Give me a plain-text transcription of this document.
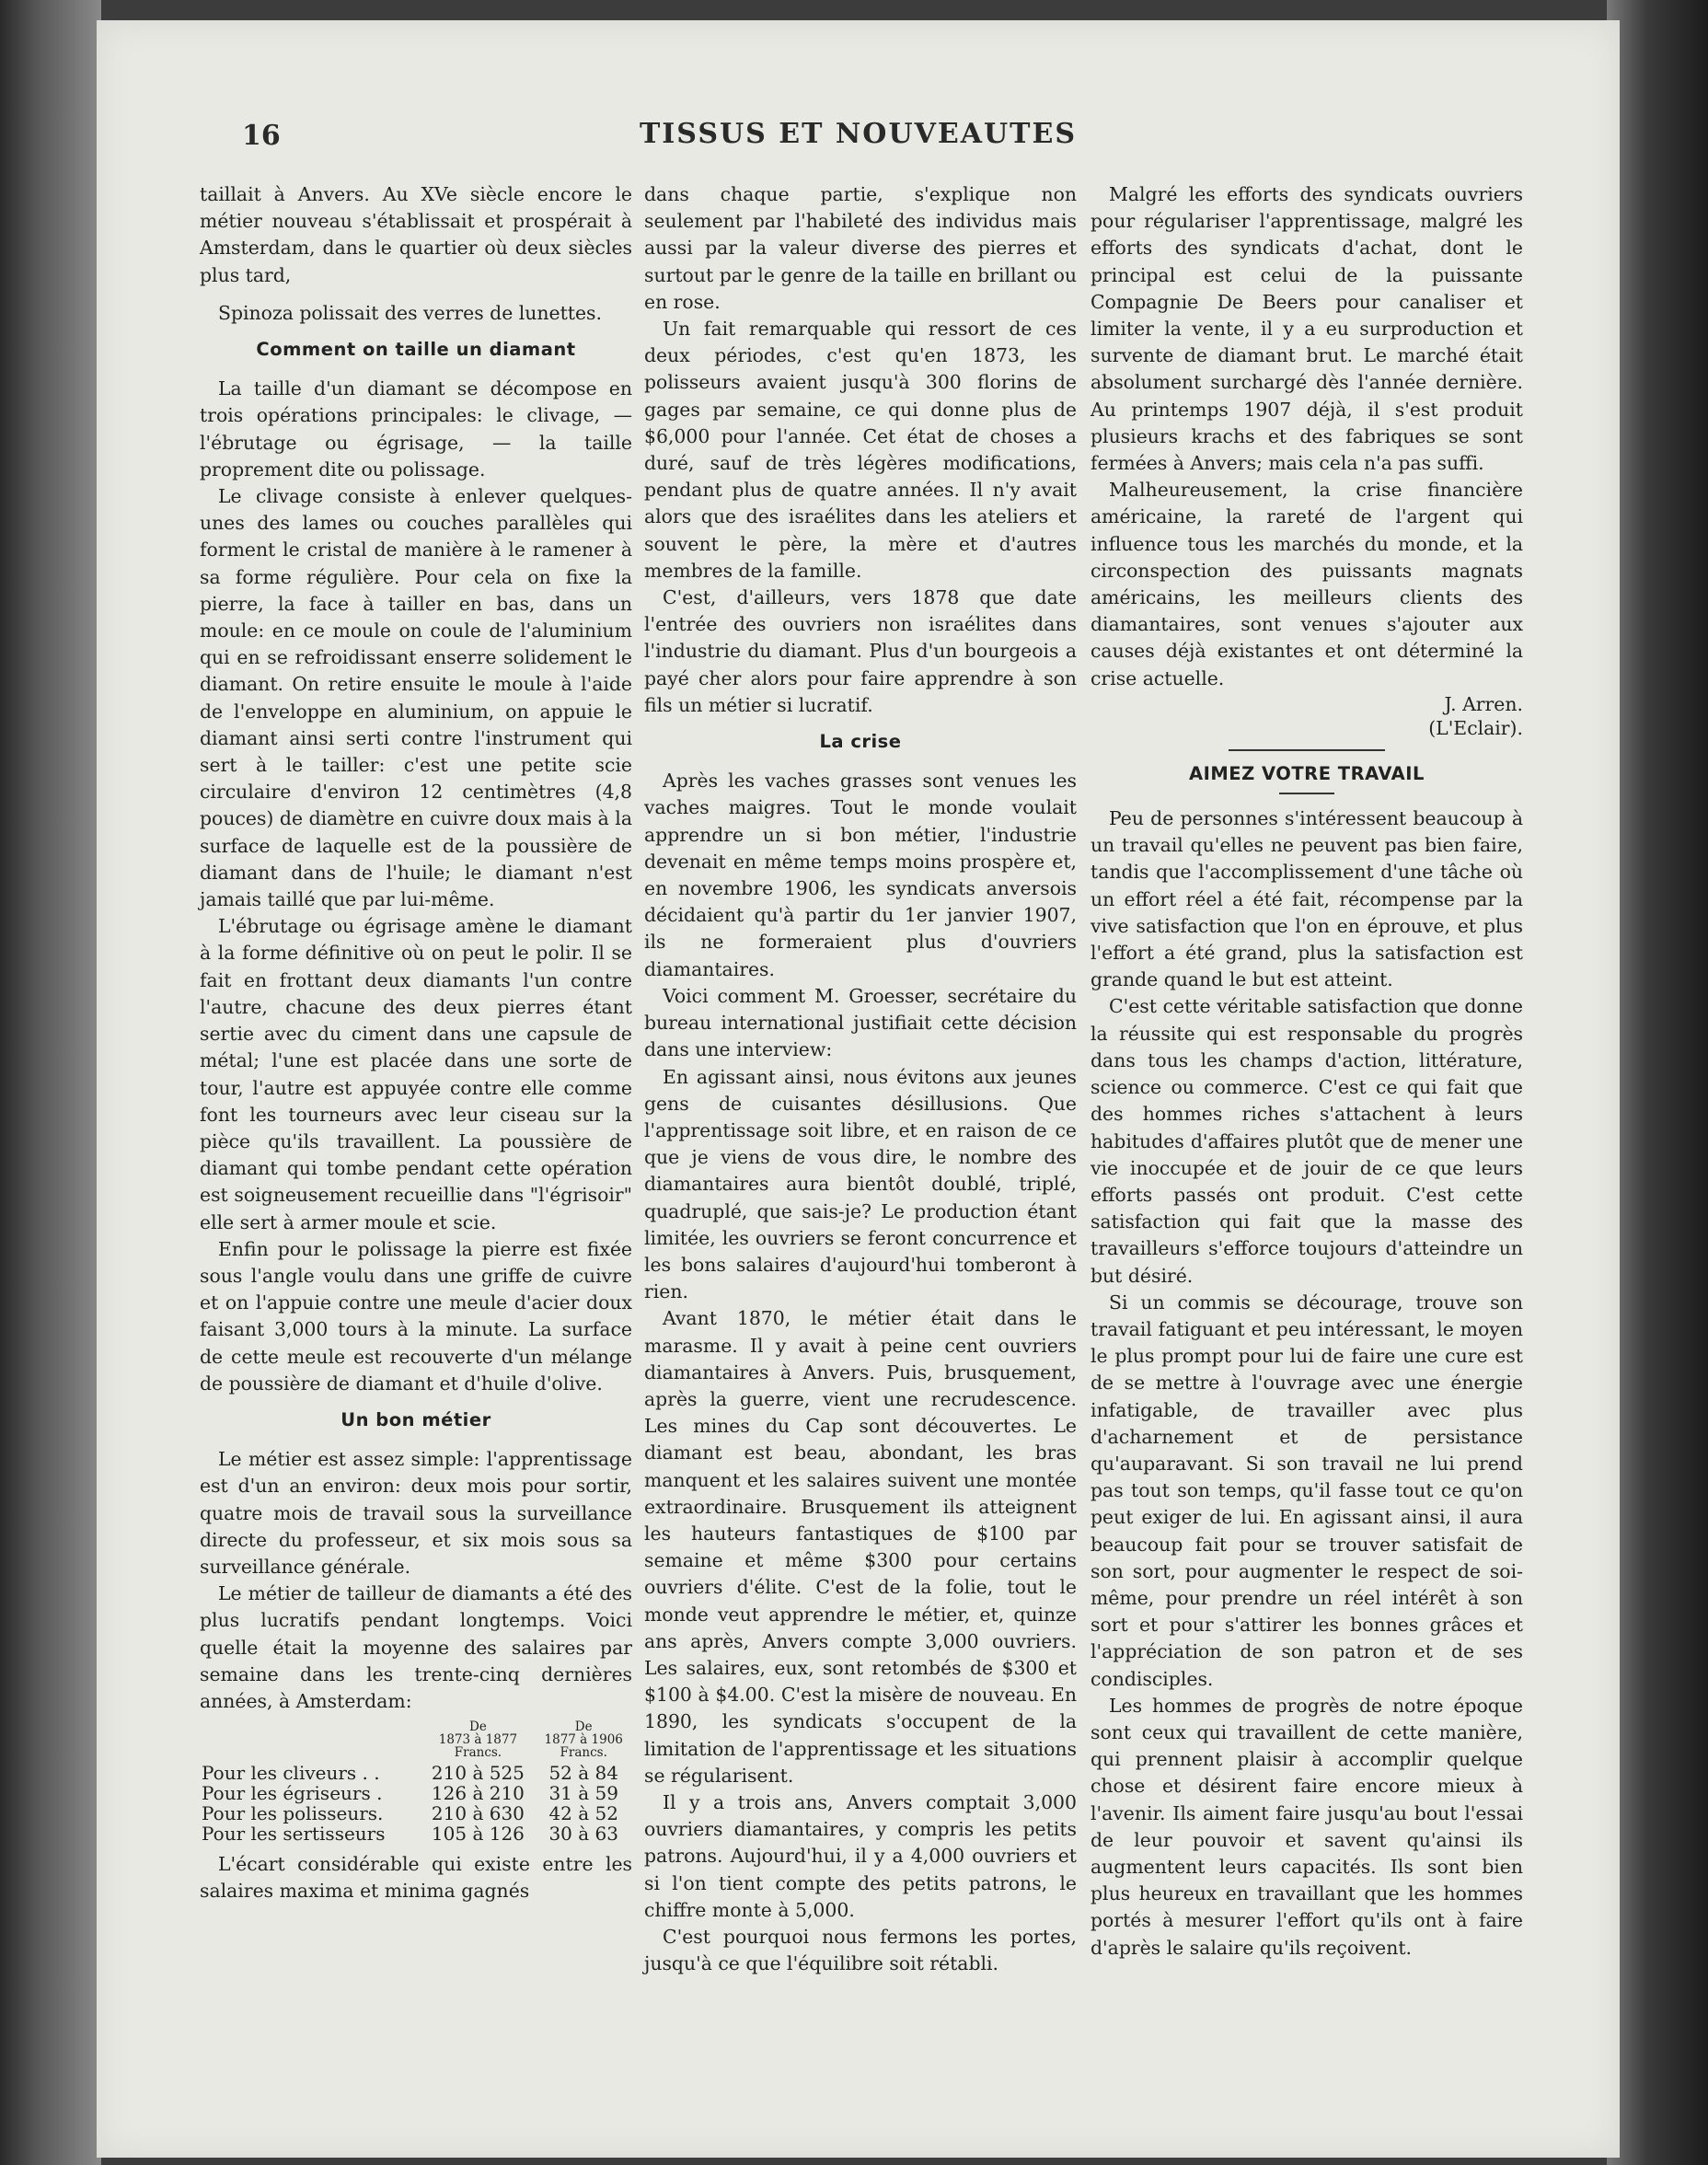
16	TISSUS ET NOUVEAUTES

taillait à Anvers. Au XVe siècle encore le métier nouveau s'établissait et prospérait à Amsterdam, dans le quartier où deux siècles plus tard,

Spinoza polissait des verres de lunettes.

Comment on taille un diamant

La taille d'un diamant se décompose en trois opérations principales: le clivage, — l'ébrutage ou égrisage, — la taille proprement dite ou polissage.

Le clivage consiste à enlever quelques-unes des lames ou couches parallèles qui forment le cristal de manière à le ramener à sa forme régulière. Pour cela on fixe la pierre, la face à tailler en bas, dans un moule: en ce moule on coule de l'aluminium qui en se refroidissant enserre solidement le diamant. On retire ensuite le moule à l'aide de l'enveloppe en aluminium, on appuie le diamant ainsi serti contre l'instrument qui sert à le tailler: c'est une petite scie circulaire d'environ 12 centimètres (4,8 pouces) de diamètre en cuivre doux mais à la surface de laquelle est de la poussière de diamant dans de l'huile; le diamant n'est jamais taillé que par lui-même.

L'ébrutage ou égrisage amène le diamant à la forme définitive où on peut le polir. Il se fait en frottant deux diamants l'un contre l'autre, chacune des deux pierres étant sertie avec du ciment dans une capsule de métal; l'une est placée dans une sorte de tour, l'autre est appuyée contre elle comme font les tourneurs avec leur ciseau sur la pièce qu'ils travaillent. La poussière de diamant qui tombe pendant cette opération est soigneusement recueillie dans "l'égrisoir" elle sert à armer moule et scie.

Enfin pour le polissage la pierre est fixée sous l'angle voulu dans une griffe de cuivre et on l'appuie contre une meule d'acier doux faisant 3,000 tours à la minute. La surface de cette meule est recouverte d'un mélange de poussière de diamant et d'huile d'olive.

Un bon métier

Le métier est assez simple: l'apprentissage est d'un an environ: deux mois pour sortir, quatre mois de travail sous la surveillance directe du professeur, et six mois sous sa surveillance générale.

Le métier de tailleur de diamants a été des plus lucratifs pendant longtemps. Voici quelle était la moyenne des salaires par semaine dans les trente-cinq dernières années, à Amsterdam:

	De
1873 à 1877
Francs.	De
1877 à 1906
Francs.
Pour les cliveurs . .	210 à 525	52 à 84
Pour les égriseurs .	126 à 210	31 à 59
Pour les polisseurs.	210 à 630	42 à 52
Pour les sertisseurs	105 à 126	30 à 63

L'écart considérable qui existe entre les salaires maxima et minima gagnés

dans chaque partie, s'explique non seulement par l'habileté des individus mais aussi par la valeur diverse des pierres et surtout par le genre de la taille en brillant ou en rose.

Un fait remarquable qui ressort de ces deux périodes, c'est qu'en 1873, les polisseurs avaient jusqu'à 300 florins de gages par semaine, ce qui donne plus de $6,000 pour l'année. Cet état de choses a duré, sauf de très légères modifications, pendant plus de quatre années. Il n'y avait alors que des israélites dans les ateliers et souvent le père, la mère et d'autres membres de la famille.

C'est, d'ailleurs, vers 1878 que date l'entrée des ouvriers non israélites dans l'industrie du diamant. Plus d'un bourgeois a payé cher alors pour faire apprendre à son fils un métier si lucratif.

La crise

Après les vaches grasses sont venues les vaches maigres. Tout le monde voulait apprendre un si bon métier, l'industrie devenait en même temps moins prospère et, en novembre 1906, les syndicats anversois décidaient qu'à partir du 1er janvier 1907, ils ne formeraient plus d'ouvriers diamantaires.

Voici comment M. Groesser, secrétaire du bureau international justifiait cette décision dans une interview:

En agissant ainsi, nous évitons aux jeunes gens de cuisantes désillusions. Que l'apprentissage soit libre, et en raison de ce que je viens de vous dire, le nombre des diamantaires aura bientôt doublé, triplé, quadruplé, que sais-je? Le production étant limitée, les ouvriers se feront concurrence et les bons salaires d'aujourd'hui tomberont à rien.

Avant 1870, le métier était dans le marasme. Il y avait à peine cent ouvriers diamantaires à Anvers. Puis, brusquement, après la guerre, vient une recrudescence. Les mines du Cap sont découvertes. Le diamant est beau, abondant, les bras manquent et les salaires suivent une montée extraordinaire. Brusquement ils atteignent les hauteurs fantastiques de $100 par semaine et même $300 pour certains ouvriers d'élite. C'est de la folie, tout le monde veut apprendre le métier, et, quinze ans après, Anvers compte 3,000 ouvriers. Les salaires, eux, sont retombés de $300 et $100 à $4.00. C'est la misère de nouveau. En 1890, les syndicats s'occupent de la limitation de l'apprentissage et les situations se régularisent.

Il y a trois ans, Anvers comptait 3,000 ouvriers diamantaires, y compris les petits patrons. Aujourd'hui, il y a 4,000 ouvriers et si l'on tient compte des petits patrons, le chiffre monte à 5,000.

C'est pourquoi nous fermons les portes, jusqu'à ce que l'équilibre soit rétabli.

Malgré les efforts des syndicats ouvriers pour régulariser l'apprentissage, malgré les efforts des syndicats d'achat, dont le principal est celui de la puissante Compagnie De Beers pour canaliser et limiter la vente, il y a eu surproduction et survente de diamant brut. Le marché était absolument surchargé dès l'année dernière. Au printemps 1907 déjà, il s'est produit plusieurs krachs et des fabriques se sont fermées à Anvers; mais cela n'a pas suffi.

Malheureusement, la crise financière américaine, la rareté de l'argent qui influence tous les marchés du monde, et la circonspection des puissants magnats américains, les meilleurs clients des diamantaires, sont venues s'ajouter aux causes déjà existantes et ont déterminé la crise actuelle.

J. Arren.

(L'Eclair).

AIMEZ VOTRE TRAVAIL

Peu de personnes s'intéressent beaucoup à un travail qu'elles ne peuvent pas bien faire, tandis que l'accomplissement d'une tâche où un effort réel a été fait, récompense par la vive satisfaction que l'on en éprouve, et plus l'effort a été grand, plus la satisfaction est grande quand le but est atteint.

C'est cette véritable satisfaction que donne la réussite qui est responsable du progrès dans tous les champs d'action, littérature, science ou commerce. C'est ce qui fait que des hommes riches s'attachent à leurs habitudes d'affaires plutôt que de mener une vie inoccupée et de jouir de ce que leurs efforts passés ont produit. C'est cette satisfaction qui fait que la masse des travailleurs s'efforce toujours d'atteindre un but désiré.

Si un commis se décourage, trouve son travail fatiguant et peu intéressant, le moyen le plus prompt pour lui de faire une cure est de se mettre à l'ouvrage avec une énergie infatigable, de travailler avec plus d'acharnement et de persistance qu'auparavant. Si son travail ne lui prend pas tout son temps, qu'il fasse tout ce qu'on peut exiger de lui. En agissant ainsi, il aura beaucoup fait pour se trouver satisfait de son sort, pour augmenter le respect de soi-même, pour prendre un réel intérêt à son sort et pour s'attirer les bonnes grâces et l'appréciation de son patron et de ses condisciples.

Les hommes de progrès de notre époque sont ceux qui travaillent de cette manière, qui prennent plaisir à accomplir quelque chose et désirent faire encore mieux à l'avenir. Ils aiment faire jusqu'au bout l'essai de leur pouvoir et savent qu'ainsi ils augmentent leurs capacités. Ils sont bien plus heureux en travaillant que les hommes portés à mesurer l'effort qu'ils ont à faire d'après le salaire qu'ils reçoivent.
